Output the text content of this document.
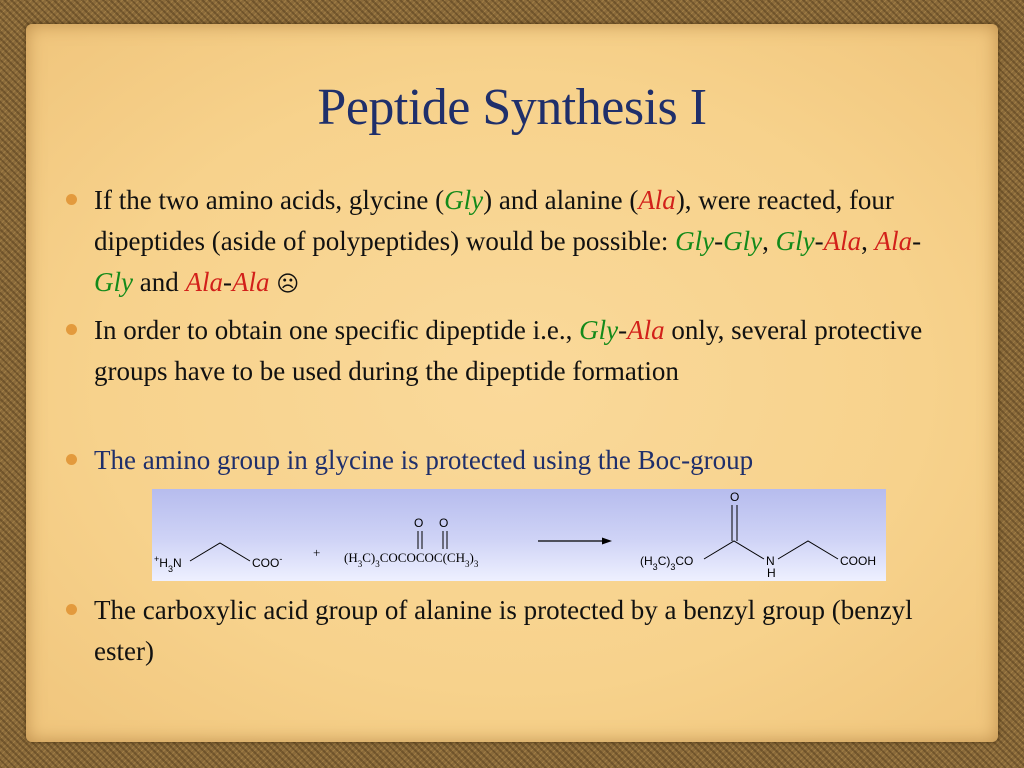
Peptide Synthesis I
If the two amino acids, glycine (Gly) and alanine (Ala), were reacted, four dipeptides (aside of polypeptides) would be possible: Gly-Gly, Gly-Ala, Ala-Gly and Ala-Ala ☹
In order to obtain one specific dipeptide i.e., Gly-Ala only, several protective groups have to be used during the dipeptide formation
The amino group in glycine is protected using the Boc-group
$^+H_3N$	COO- +
O O
$(H_3C)_3COCOCOC(CH_3)_3$
O
$(H_3C)_3CO$	N
H
COOH
The carboxylic acid group of alanine is protected by a benzyl group (benzyl ester)
